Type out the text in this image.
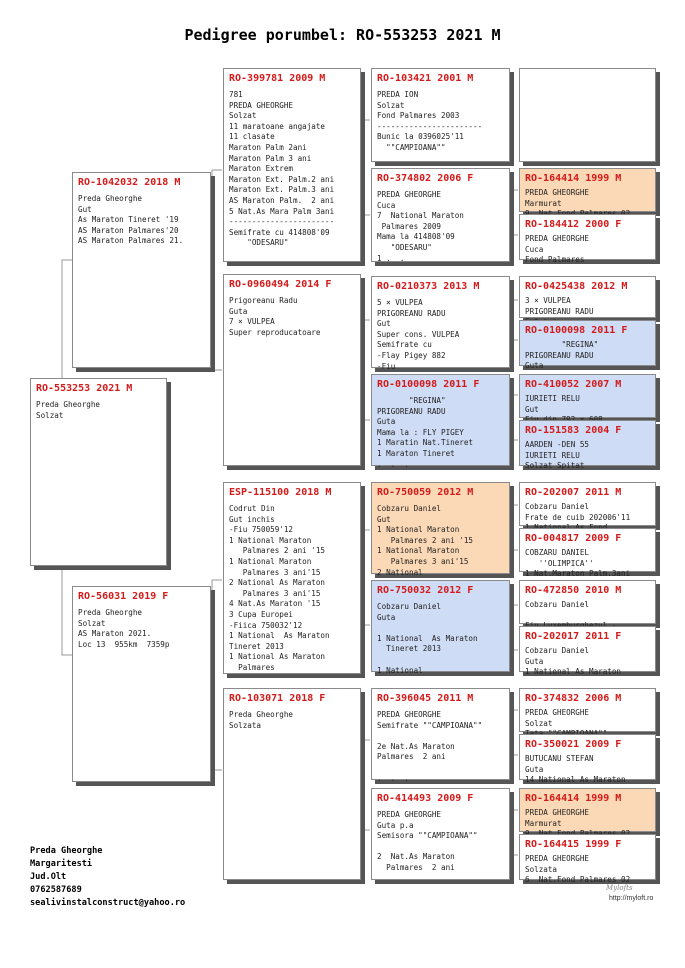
Pedigree porumbel: RO-553253 2021 M
RO-553253 2021 M
Preda Gheorghe
Solzat
RO-1042032 2018 M
Preda Gheorghe
Gut
As Maraton Tineret '19
AS Maraton Palmares'20
AS Maraton Palmares 21.
RO-56031 2019 F
Preda Gheorghe
Solzat
AS Maraton 2021.
Loc 13  955km  7359p
RO-399781 2009 M
781
PREDA GHEORGHE
Solzat
11 maratoane angajate
11 clasate
Maraton Palm 2ani
Maraton Palm 3 ani
Maraton Extrem
Maraton Ext. Palm.2 ani
Maraton Ext. Palm.3 ani
AS Maraton Palm.  2 ani
5 Nat.As Mara Palm 3ani
-----------------------
Semifrate cu 414808'09
"ODESARU"
RO-0960494 2014 F
Prigoreanu Radu
Guta
7 × VULPEA
Super reproducatoare
ESP-115100 2018 M
Codrut Din
Gut inchis
-Fiu 750059'12
1 National Maraton
Palmares 2 ani '15
1 National Maraton
Palmares 3 ani'15
2 National As Maraton
Palmares 3 ani'15
4 Nat.As Maraton '15
3 Cupa Europei
-Fiica 750032'12
1 National  As Maraton
Tineret 2013
1 National As Maraton
Palmares
RO-103071 2018 F
Preda Gheorghe
Solzata
RO-103421 2001 M
PREDA ION
Solzat
Fond Palmares 2003
-----------------------
Bunic la 0396025'11
""CAMPIOANA""
RO-374802 2006 F
PREDA GHEORGHE
Cuca
7  National Maraton
Palmares 2009
Mama la 414808'09
"ODESARU"
1 .  .
RO-0210373 2013 M
5 × VULPEA
PRIGOREANU RADU
Gut
Super cons. VULPEA
Semifrate cu
-Flay Pigey 882
-Fiu
RO-0100098 2011 F
"REGINA"
PRIGOREANU RADU
Guta
Mama la : FLY PIGEY
1 Maratin Nat.Tineret
1 Maraton Tineret
.  .  .
RO-750059 2012 M
Cobzaru Daniel
Gut
1 National Maraton
Palmares 2 ani '15
1 National Maraton
Palmares 3 ani'15
2 National
RO-750032 2012 F
Cobzaru Daniel
Guta

1 National  As Maraton
Tineret 2013

1 National
RO-396045 2011 M
PREDA GHEORGHE
Semifrate ""CAMPIOANA""

2e Nat.As Maraton
Palmares  2 ani

.  .  .
RO-414493 2009 F
PREDA GHEORGHE
Guta p.a
Semisora ""CAMPIOANA""

2  Nat.As Maraton
Palmares  2 ani
RO-164414 1999 M
PREDA GHEORGHE
Marmurat

RO-184412 2000 F
PREDA GHEORGHE
Cuca
Fond Palmares
RO-0425438 2012 M
3 × VULPEA
PRIGOREANU RADU

RO-0100098 2011 F
"REGINA"
PRIGOREANU RADU
Guta
RO-410052 2007 M
IURIETI RELU
Gut

RO-151583 2004 F
AARDEN -DEN 55
IURIETI RELU
Solzat Spitat
RO-202007 2011 M
Cobzaru Daniel
Frate de cuib 202006'11

RO-004817 2009 F
COBZARU DANIEL
''OLIMPICA''
1 Nat.Maraton Palm.3ani
RO-472850 2010 M
Cobzaru Daniel

RO-202017 2011 F
Cobzaru Daniel
Guta
1 National As Maraton
RO-374832 2006 M
PREDA GHEORGHE
Solzat

RO-350021 2009 F
BUTUCANU STEFAN
Guta
14 National As Maraton
RO-164414 1999 M
PREDA GHEORGHE
Marmurat

RO-164415 1999 F
PREDA GHEORGHE
Solzata
6  Nat.Fond Palmares 02
Preda Gheorghe
Margaritesti
Jud.Olt
0762587689
sealivinstalconstruct@yahoo.ro
Mylofts
http://myloft.ro
